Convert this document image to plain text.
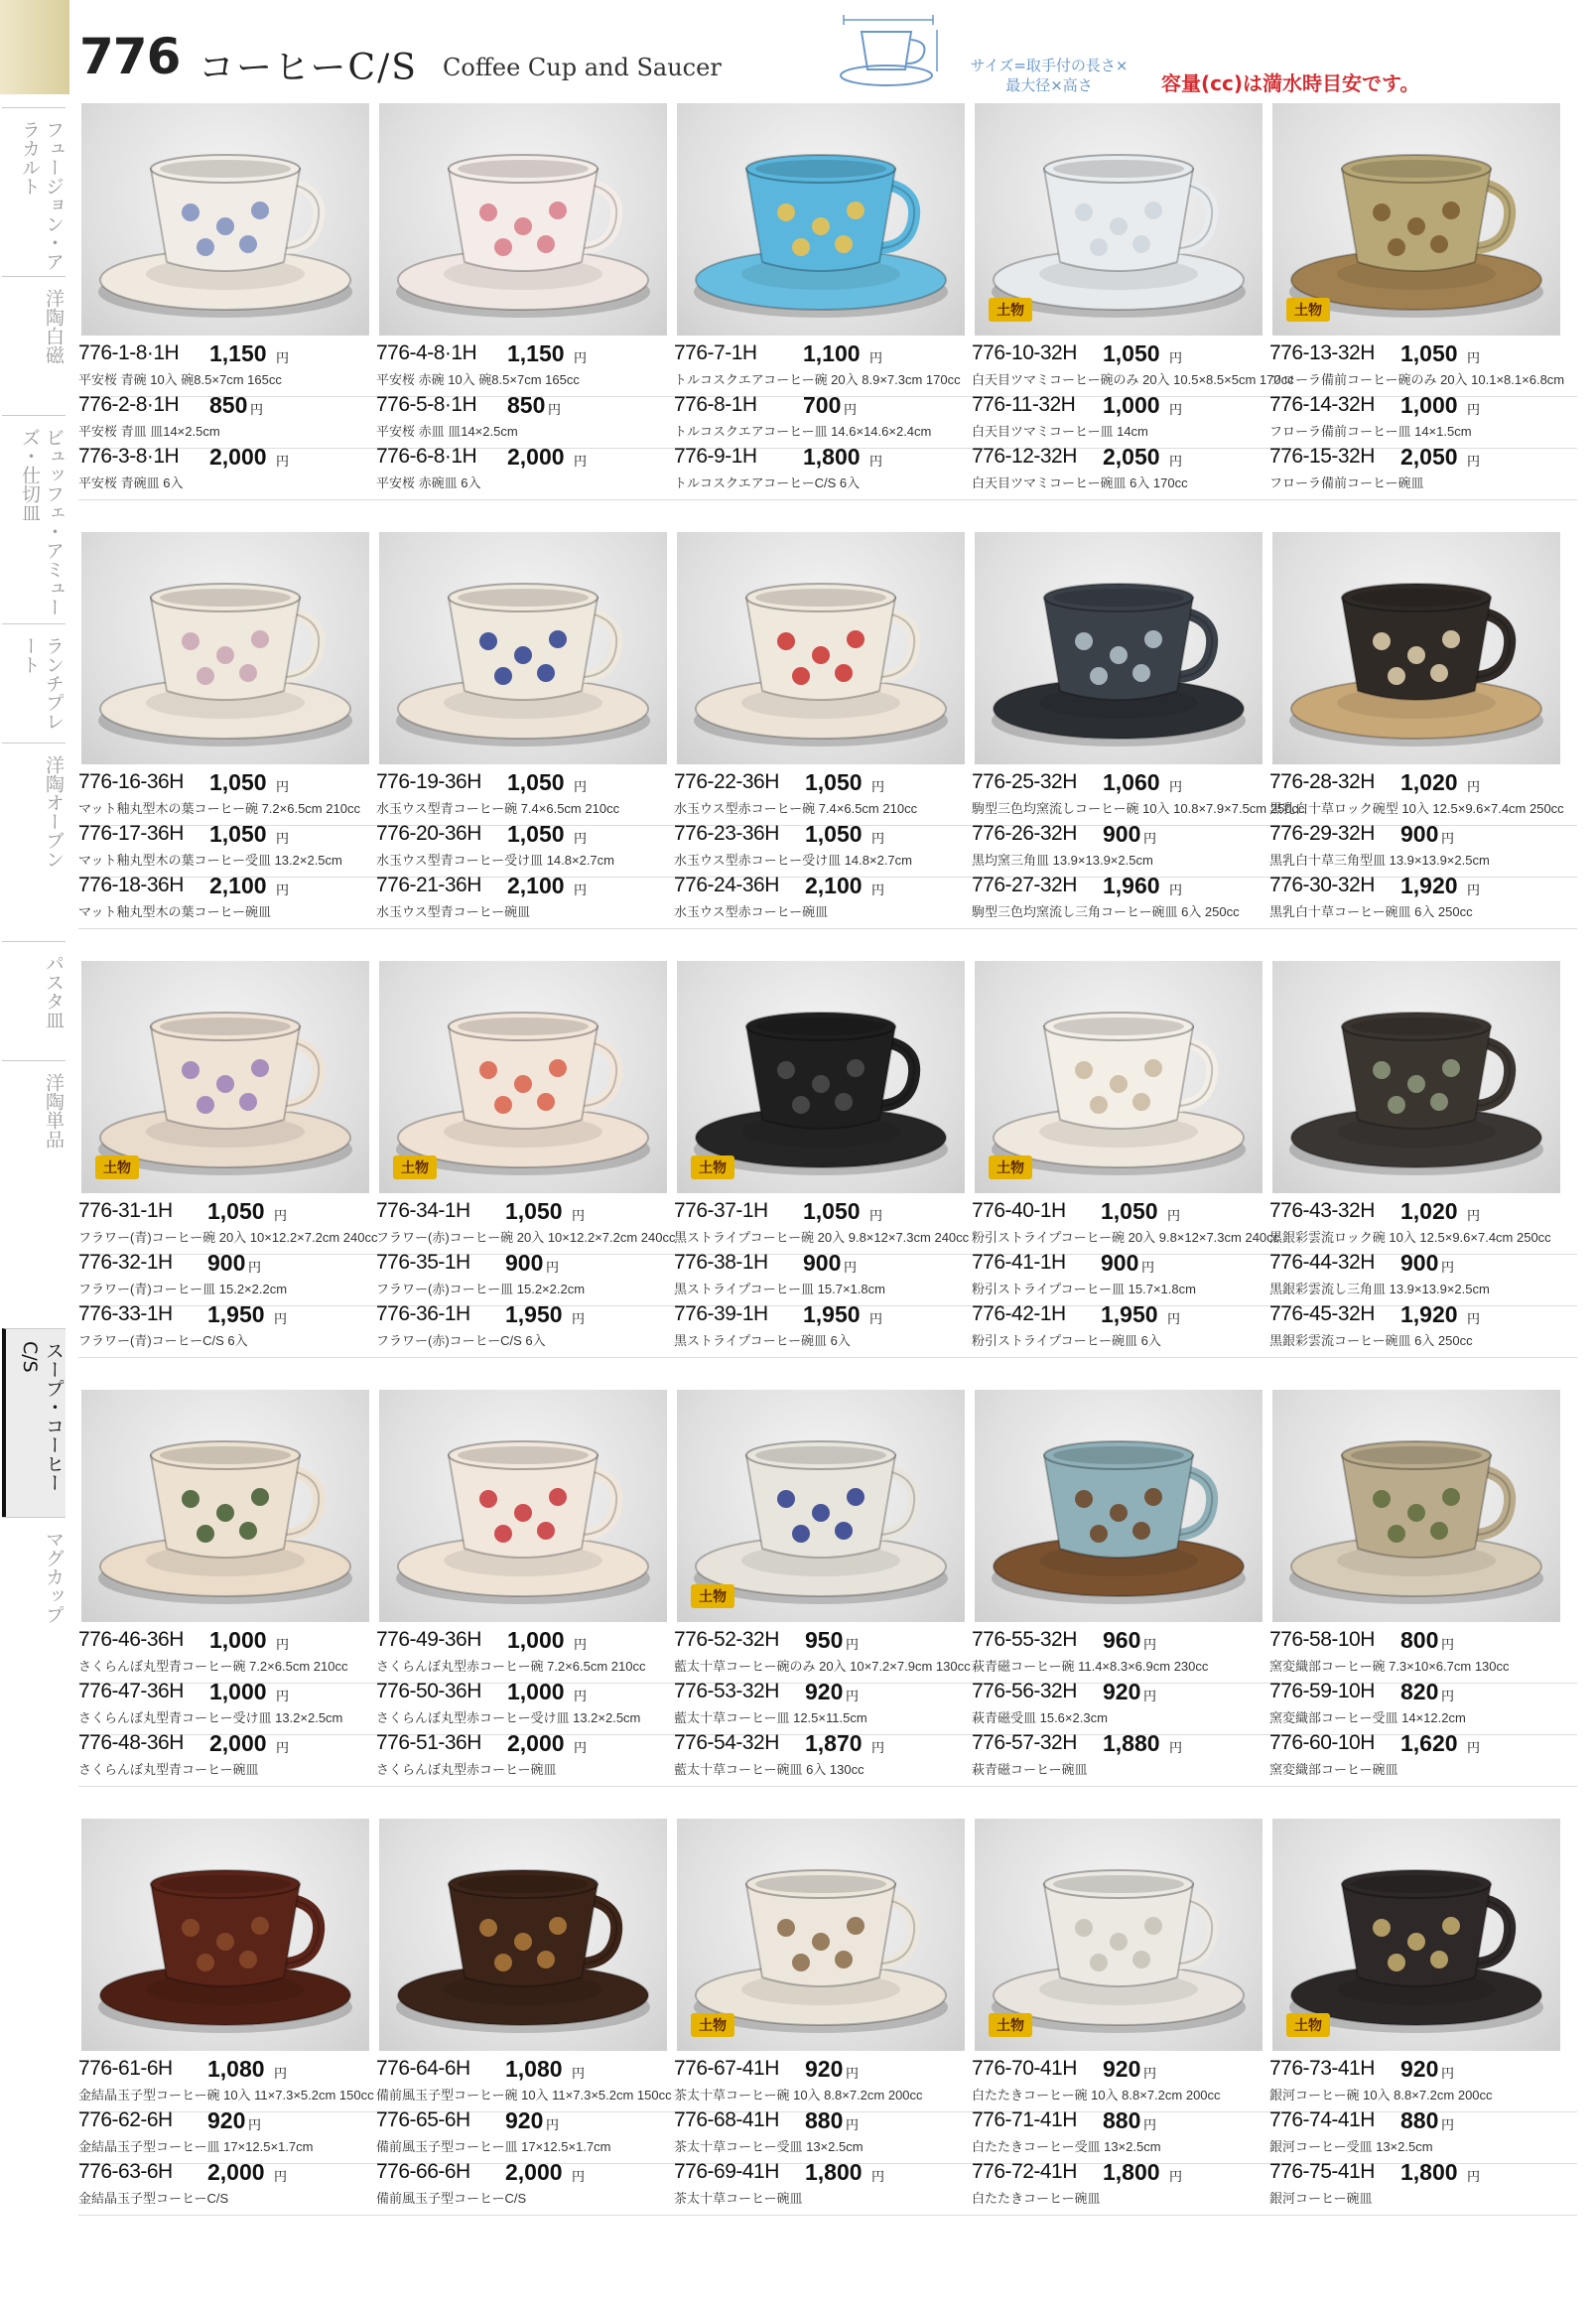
776 コーヒーC/S Coffee Cup and Saucer	サイズ=取手付の長さ×
最大径×高さ	容量(cc)は満水時目安です。
フュージョン・アラカルト
洋陶白磁
ビュッフェ・アミューズ・仕切皿
ランチプレート
洋陶オーブン
パスタ皿
洋陶単品
スープ・コーヒーC/S
マグカップ
776-1-8·1H 1,150 円
平安桜 青碗 10入 碗8.5×7cm 165cc
776-2-8·1H 850 円
平安桜 青皿 皿14×2.5cm
776-3-8·1H 2,000 円
平安桜 青碗皿 6入
776-4-8·1H 1,150 円
平安桜 赤碗 10入 碗8.5×7cm 165cc
776-5-8·1H 850 円
平安桜 赤皿 皿14×2.5cm
776-6-8·1H 2,000 円
平安桜 赤碗皿 6入
776-7-1H 1,100 円
トルコスクエアコーヒー碗 20入 8.9×7.3cm 170cc
776-8-1H 700 円
トルコスクエアコーヒー皿 14.6×14.6×2.4cm
776-9-1H 1,800 円
トルコスクエアコーヒーC/S 6入
土物
776-10-32H 1,050 円
白天目ツマミコーヒー碗のみ 20入 10.5×8.5×5cm 170cc
776-11-32H 1,000 円
白天目ツマミコーヒー皿 14cm
776-12-32H 2,050 円
白天目ツマミコーヒー碗皿 6入 170cc
土物
776-13-32H 1,050 円
フローラ備前コーヒー碗のみ 20入 10.1×8.1×6.8cm
776-14-32H 1,000 円
フローラ備前コーヒー皿 14×1.5cm
776-15-32H 2,050 円
フローラ備前コーヒー碗皿
776-16-36H 1,050 円
マット釉丸型木の葉コーヒー碗 7.2×6.5cm 210cc
776-17-36H 1,050 円
マット釉丸型木の葉コーヒー受皿 13.2×2.5cm
776-18-36H 2,100 円
マット釉丸型木の葉コーヒー碗皿
776-19-36H 1,050 円
水玉ウス型青コーヒー碗 7.4×6.5cm 210cc
776-20-36H 1,050 円
水玉ウス型青コーヒー受け皿 14.8×2.7cm
776-21-36H 2,100 円
水玉ウス型青コーヒー碗皿
776-22-36H 1,050 円
水玉ウス型赤コーヒー碗 7.4×6.5cm 210cc
776-23-36H 1,050 円
水玉ウス型赤コーヒー受け皿 14.8×2.7cm
776-24-36H 2,100 円
水玉ウス型赤コーヒー碗皿
776-25-32H 1,060 円
駒型三色均窯流しコーヒー碗 10入 10.8×7.9×7.5cm 250cc
776-26-32H 900 円
黒均窯三角皿 13.9×13.9×2.5cm
776-27-32H 1,960 円
駒型三色均窯流し三角コーヒー碗皿 6入 250cc
776-28-32H 1,020 円
黒乳白十草ロック碗型 10入 12.5×9.6×7.4cm 250cc
776-29-32H 900 円
黒乳白十草三角型皿 13.9×13.9×2.5cm
776-30-32H 1,920 円
黒乳白十草コーヒー碗皿 6入 250cc
土物
776-31-1H 1,050 円
フラワー(青)コーヒー碗 20入 10×12.2×7.2cm 240cc
776-32-1H 900 円
フラワー(青)コーヒー皿 15.2×2.2cm
776-33-1H 1,950 円
フラワー(青)コーヒーC/S 6入
土物
776-34-1H 1,050 円
フラワー(赤)コーヒー碗 20入 10×12.2×7.2cm 240cc
776-35-1H 900 円
フラワー(赤)コーヒー皿 15.2×2.2cm
776-36-1H 1,950 円
フラワー(赤)コーヒーC/S 6入
土物
776-37-1H 1,050 円
黒ストライプコーヒー碗 20入 9.8×12×7.3cm 240cc
776-38-1H 900 円
黒ストライプコーヒー皿 15.7×1.8cm
776-39-1H 1,950 円
黒ストライプコーヒー碗皿 6入
土物
776-40-1H 1,050 円
粉引ストライプコーヒー碗 20入 9.8×12×7.3cm 240cc
776-41-1H 900 円
粉引ストライプコーヒー皿 15.7×1.8cm
776-42-1H 1,950 円
粉引ストライプコーヒー碗皿 6入
776-43-32H 1,020 円
黒銀彩雲流ロック碗 10入 12.5×9.6×7.4cm 250cc
776-44-32H 900 円
黒銀彩雲流し三角皿 13.9×13.9×2.5cm
776-45-32H 1,920 円
黒銀彩雲流コーヒー碗皿 6入 250cc
776-46-36H 1,000 円
さくらんぼ丸型青コーヒー碗 7.2×6.5cm 210cc
776-47-36H 1,000 円
さくらんぼ丸型青コーヒー受け皿 13.2×2.5cm
776-48-36H 2,000 円
さくらんぼ丸型青コーヒー碗皿
776-49-36H 1,000 円
さくらんぼ丸型赤コーヒー碗 7.2×6.5cm 210cc
776-50-36H 1,000 円
さくらんぼ丸型赤コーヒー受け皿 13.2×2.5cm
776-51-36H 2,000 円
さくらんぼ丸型赤コーヒー碗皿
土物
776-52-32H 950 円
藍太十草コーヒー碗のみ 20入 10×7.2×7.9cm 130cc
776-53-32H 920 円
藍太十草コーヒー皿 12.5×11.5cm
776-54-32H 1,870 円
藍太十草コーヒー碗皿 6入 130cc
776-55-32H 960 円
萩青磁コーヒー碗 11.4×8.3×6.9cm 230cc
776-56-32H 920 円
萩青磁受皿 15.6×2.3cm
776-57-32H 1,880 円
萩青磁コーヒー碗皿
776-58-10H 800 円
窯変織部コーヒー碗 7.3×10×6.7cm 130cc
776-59-10H 820 円
窯変織部コーヒー受皿 14×12.2cm
776-60-10H 1,620 円
窯変織部コーヒー碗皿
776-61-6H 1,080 円
金結晶玉子型コーヒー碗 10入 11×7.3×5.2cm 150cc
776-62-6H 920 円
金結晶玉子型コーヒー皿 17×12.5×1.7cm
776-63-6H 2,000 円
金結晶玉子型コーヒーC/S
776-64-6H 1,080 円
備前風玉子型コーヒー碗 10入 11×7.3×5.2cm 150cc
776-65-6H 920 円
備前風玉子型コーヒー皿 17×12.5×1.7cm
776-66-6H 2,000 円
備前風玉子型コーヒーC/S
土物
776-67-41H 920 円
茶太十草コーヒー碗 10入 8.8×7.2cm 200cc
776-68-41H 880 円
茶太十草コーヒー受皿 13×2.5cm
776-69-41H 1,800 円
茶太十草コーヒー碗皿
土物
776-70-41H 920 円
白たたきコーヒー碗 10入 8.8×7.2cm 200cc
776-71-41H 880 円
白たたきコーヒー受皿 13×2.5cm
776-72-41H 1,800 円
白たたきコーヒー碗皿
土物
776-73-41H 920 円
銀河コーヒー碗 10入 8.8×7.2cm 200cc
776-74-41H 880 円
銀河コーヒー受皿 13×2.5cm
776-75-41H 1,800 円
銀河コーヒー碗皿
